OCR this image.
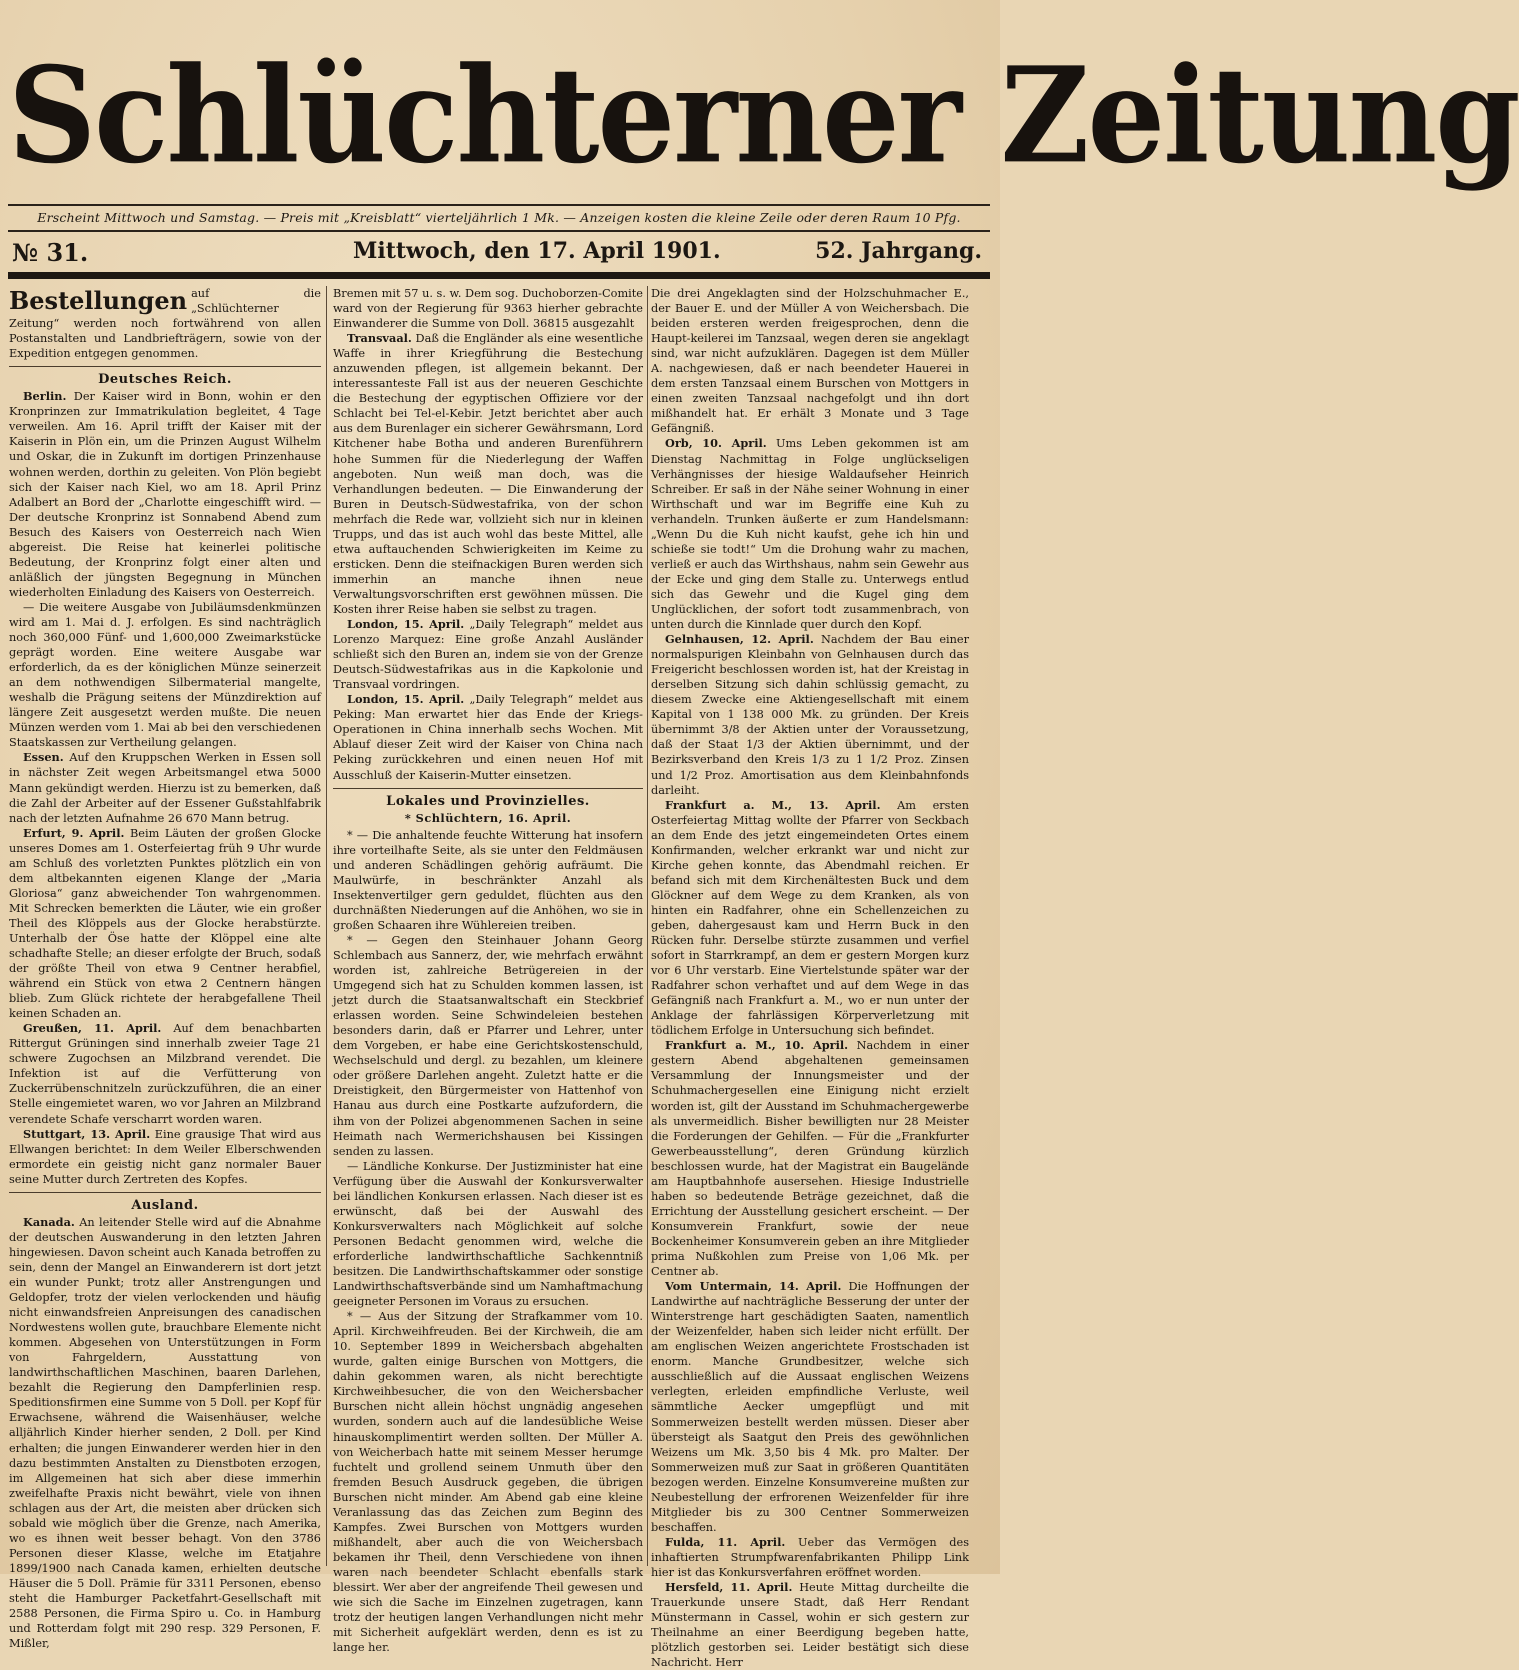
Schlüchterner Zeitung
Erscheint Mittwoch und Samstag. — Preis mit „Kreisblatt“ vierteljährlich 1 Mk. — Anzeigen kosten die kleine Zeile oder deren Raum 10 Pfg.
№ 31.	Mittwoch, den 17. April 1901.	52. Jahrgang.
Bestellungen auf die „Schlüchterner Zeitung“ werden noch fortwährend von allen Postanstalten und Landbriefträgern, sowie von der Expedition entgegen genommen.
Deutsches Reich.

Berlin. Der Kaiser wird in Bonn, wohin er den Kronprinzen zur Immatrikulation begleitet, 4 Tage verweilen. Am 16. April trifft der Kaiser mit der Kaiserin in Plön ein, um die Prinzen August Wilhelm und Oskar, die in Zukunft im dortigen Prinzenhause wohnen werden, dorthin zu geleiten. Von Plön begiebt sich der Kaiser nach Kiel, wo am 18. April Prinz Adalbert an Bord der „Charlotte eingeschifft wird. — Der deutsche Kronprinz ist Sonnabend Abend zum Besuch des Kaisers von Oesterreich nach Wien abgereist. Die Reise hat keinerlei politische Bedeutung, der Kronprinz folgt einer alten und anläßlich der jüngsten Begegnung in München wiederholten Einladung des Kaisers von Oesterreich.

— Die weitere Ausgabe von Jubiläumsdenkmünzen wird am 1. Mai d. J. erfolgen. Es sind nachträglich noch 360,000 Fünf- und 1,600,000 Zweimarkstücke geprägt worden. Eine weitere Ausgabe war erforderlich, da es der königlichen Münze seinerzeit an dem nothwendigen Silbermaterial mangelte, weshalb die Prägung seitens der Münzdirektion auf längere Zeit ausgesetzt werden mußte. Die neuen Münzen werden vom 1. Mai ab bei den verschiedenen Staatskassen zur Vertheilung gelangen.

Essen. Auf den Kruppschen Werken in Essen soll in nächster Zeit wegen Arbeitsmangel etwa 5000 Mann gekündigt werden. Hierzu ist zu bemerken, daß die Zahl der Arbeiter auf der Essener Gußstahlfabrik nach der letzten Aufnahme 26 670 Mann betrug.

Erfurt, 9. April. Beim Läuten der großen Glocke unseres Domes am 1. Osterfeiertag früh 9 Uhr wurde am Schluß des vorletzten Punktes plötzlich ein von dem altbekannten eigenen Klange der „Maria Gloriosa“ ganz abweichender Ton wahrgenommen. Mit Schrecken bemerkten die Läuter, wie ein großer Theil des Klöppels aus der Glocke herabstürzte. Unterhalb der Öse hatte der Klöppel eine alte schadhafte Stelle; an dieser erfolgte der Bruch, sodaß der größte Theil von etwa 9 Centner herabfiel, während ein Stück von etwa 2 Centnern hängen blieb. Zum Glück richtete der herabgefallene Theil keinen Schaden an.

Greußen, 11. April. Auf dem benachbarten Rittergut Grüningen sind innerhalb zweier Tage 21 schwere Zugochsen an Milzbrand verendet. Die Infektion ist auf die Verfütterung von Zuckerrübenschnitzeln zurückzuführen, die an einer Stelle eingemietet waren, wo vor Jahren an Milzbrand verendete Schafe verscharrt worden waren.

Stuttgart, 13. April. Eine grausige That wird aus Ellwangen berichtet: In dem Weiler Elberschwenden ermordete ein geistig nicht ganz normaler Bauer seine Mutter durch Zertreten des Kopfes.

Ausland.

Kanada. An leitender Stelle wird auf die Abnahme der deutschen Auswanderung in den letzten Jahren hingewiesen. Davon scheint auch Kanada betroffen zu sein, denn der Mangel an Einwanderern ist dort jetzt ein wunder Punkt; trotz aller Anstrengungen und Geldopfer, trotz der vielen verlockenden und häufig nicht einwandsfreien Anpreisungen des canadischen Nordwestens wollen gute, brauchbare Elemente nicht kommen. Abgesehen von Unterstützungen in Form von Fahrgeldern, Ausstattung von landwirthschaftlichen Maschinen, baaren Darlehen, bezahlt die Regierung den Dampferlinien resp. Speditionsfirmen eine Summe von 5 Doll. per Kopf für Erwachsene, während die Waisenhäuser, welche alljährlich Kinder hierher senden, 2 Doll. per Kind erhalten; die jungen Einwanderer werden hier in den dazu bestimmten Anstalten zu Dienstboten erzogen, im Allgemeinen hat sich aber diese immerhin zweifelhafte Praxis nicht bewährt, viele von ihnen schlagen aus der Art, die meisten aber drücken sich sobald wie möglich über die Grenze, nach Amerika, wo es ihnen weit besser behagt. Von den 3786 Personen dieser Klasse, welche im Etatjahre 1899/1900 nach Canada kamen, erhielten deutsche Häuser die 5 Doll. Prämie für 3311 Personen, ebenso steht die Hamburger Packetfahrt-Gesellschaft mit 2588 Personen, die Firma Spiro u. Co. in Hamburg und Rotterdam folgt mit 290 resp. 329 Personen, F. Mißler,

Bremen mit 57 u. s. w. Dem sog. Duchoborzen-Comite ward von der Regierung für 9363 hierher gebrachte Einwanderer die Summe von Doll. 36815 ausgezahlt

Transvaal. Daß die Engländer als eine wesentliche Waffe in ihrer Kriegführung die Bestechung anzuwenden pflegen, ist allgemein bekannt. Der interessanteste Fall ist aus der neueren Geschichte die Bestechung der egyptischen Offiziere vor der Schlacht bei Tel-el-Kebir. Jetzt berichtet aber auch aus dem Burenlager ein sicherer Gewährsmann, Lord Kitchener habe Botha und anderen Burenführern hohe Summen für die Niederlegung der Waffen angeboten. Nun weiß man doch, was die Verhandlungen bedeuten. — Die Einwanderung der Buren in Deutsch-Südwestafrika, von der schon mehrfach die Rede war, vollzieht sich nur in kleinen Trupps, und das ist auch wohl das beste Mittel, alle etwa auftauchenden Schwierigkeiten im Keime zu ersticken. Denn die steifnackigen Buren werden sich immerhin an manche ihnen neue Verwaltungsvorschriften erst gewöhnen müssen. Die Kosten ihrer Reise haben sie selbst zu tragen.

London, 15. April. „Daily Telegraph“ meldet aus Lorenzo Marquez: Eine große Anzahl Ausländer schließt sich den Buren an, indem sie von der Grenze Deutsch-Südwestafrikas aus in die Kapkolonie und Transvaal vordringen.

London, 15. April. „Daily Telegraph“ meldet aus Peking: Man erwartet hier das Ende der Kriegs-Operationen in China innerhalb sechs Wochen. Mit Ablauf dieser Zeit wird der Kaiser von China nach Peking zurückkehren und einen neuen Hof mit Ausschluß der Kaiserin-Mutter einsetzen.

Lokales und Provinzielles.
* Schlüchtern, 16. April.

* — Die anhaltende feuchte Witterung hat insofern ihre vorteilhafte Seite, als sie unter den Feldmäusen und anderen Schädlingen gehörig aufräumt. Die Maulwürfe, in beschränkter Anzahl als Insektenvertilger gern geduldet, flüchten aus den durchnäßten Niederungen auf die Anhöhen, wo sie in großen Schaaren ihre Wühlereien treiben.

* — Gegen den Steinhauer Johann Georg Schlembach aus Sannerz, der, wie mehrfach erwähnt worden ist, zahlreiche Betrügereien in der Umgegend sich hat zu Schulden kommen lassen, ist jetzt durch die Staatsanwaltschaft ein Steckbrief erlassen worden. Seine Schwindeleien bestehen besonders darin, daß er Pfarrer und Lehrer, unter dem Vorgeben, er habe eine Gerichtskostenschuld, Wechselschuld und dergl. zu bezahlen, um kleinere oder größere Darlehen angeht. Zuletzt hatte er die Dreistigkeit, den Bürgermeister von Hattenhof von Hanau aus durch eine Postkarte aufzufordern, die ihm von der Polizei abgenommenen Sachen in seine Heimath nach Wermerichshausen bei Kissingen senden zu lassen.

— Ländliche Konkurse. Der Justizminister hat eine Verfügung über die Auswahl der Konkursverwalter bei ländlichen Konkursen erlassen. Nach dieser ist es erwünscht, daß bei der Auswahl des Konkursverwalters nach Möglichkeit auf solche Personen Bedacht genommen wird, welche die erforderliche landwirthschaftliche Sachkenntniß besitzen. Die Landwirthschaftskammer oder sonstige Landwirthschaftsverbände sind um Namhaftmachung geeigneter Personen im Voraus zu ersuchen.

* — Aus der Sitzung der Strafkammer vom 10. April. Kirchweihfreuden. Bei der Kirchweih, die am 10. September 1899 in Weichersbach abgehalten wurde, galten einige Burschen von Mottgers, die dahin gekommen waren, als nicht berechtigte Kirchweihbesucher, die von den Weichersbacher Burschen nicht allein höchst ungnädig angesehen wurden, sondern auch auf die landesübliche Weise hinauskomplimentirt werden sollten. Der Müller A. von Weicherbach hatte mit seinem Messer herumge fuchtelt und grollend seinem Unmuth über den fremden Besuch Ausdruck gegeben, die übrigen Burschen nicht minder. Am Abend gab eine kleine Veranlassung das das Zeichen zum Beginn des Kampfes. Zwei Burschen von Mottgers wurden mißhandelt, aber auch die von Weichersbach bekamen ihr Theil, denn Verschiedene von ihnen waren nach beendeter Schlacht ebenfalls stark blessirt. Wer aber der angreifende Theil gewesen und wie sich die Sache im Einzelnen zugetragen, kann trotz der heutigen langen Verhandlungen nicht mehr mit Sicherheit aufgeklärt werden, denn es ist zu lange her.

Die drei Angeklagten sind der Holzschuhmacher E., der Bauer E. und der Müller A von Weichersbach. Die beiden ersteren werden freigesprochen, denn die Haupt-keilerei im Tanzsaal, wegen deren sie angeklagt sind, war nicht aufzuklären. Dagegen ist dem Müller A. nachgewiesen, daß er nach beendeter Hauerei in dem ersten Tanzsaal einem Burschen von Mottgers in einen zweiten Tanzsaal nachgefolgt und ihn dort mißhandelt hat. Er erhält 3 Monate und 3 Tage Gefängniß.

Orb, 10. April. Ums Leben gekommen ist am Dienstag Nachmittag in Folge unglückseligen Verhängnisses der hiesige Waldaufseher Heinrich Schreiber. Er saß in der Nähe seiner Wohnung in einer Wirthschaft und war im Begriffe eine Kuh zu verhandeln. Trunken äußerte er zum Handelsmann: „Wenn Du die Kuh nicht kaufst, gehe ich hin und schieße sie todt!“ Um die Drohung wahr zu machen, verließ er auch das Wirthshaus, nahm sein Gewehr aus der Ecke und ging dem Stalle zu. Unterwegs entlud sich das Gewehr und die Kugel ging dem Unglücklichen, der sofort todt zusammenbrach, von unten durch die Kinnlade quer durch den Kopf.

Gelnhausen, 12. April. Nachdem der Bau einer normalspurigen Kleinbahn von Gelnhausen durch das Freigericht beschlossen worden ist, hat der Kreistag in derselben Sitzung sich dahin schlüssig gemacht, zu diesem Zwecke eine Aktiengesellschaft mit einem Kapital von 1 138 000 Mk. zu gründen. Der Kreis übernimmt 3/8 der Aktien unter der Voraussetzung, daß der Staat 1/3 der Aktien übernimmt, und der Bezirksverband den Kreis 1/3 zu 1 1/2 Proz. Zinsen und 1/2 Proz. Amortisation aus dem Kleinbahnfonds darleiht.

Frankfurt a. M., 13. April. Am ersten Osterfeiertag Mittag wollte der Pfarrer von Seckbach an dem Ende des jetzt eingemeindeten Ortes einem Konfirmanden, welcher erkrankt war und nicht zur Kirche gehen konnte, das Abendmahl reichen. Er befand sich mit dem Kirchenältesten Buck und dem Glöckner auf dem Wege zu dem Kranken, als von hinten ein Radfahrer, ohne ein Schellenzeichen zu geben, dahergesaust kam und Herrn Buck in den Rücken fuhr. Derselbe stürzte zusammen und verfiel sofort in Starrkrampf, an dem er gestern Morgen kurz vor 6 Uhr verstarb. Eine Viertelstunde später war der Radfahrer schon verhaftet und auf dem Wege in das Gefängniß nach Frankfurt a. M., wo er nun unter der Anklage der fahrlässigen Körperverletzung mit tödlichem Erfolge in Untersuchung sich befindet.

Frankfurt a. M., 10. April. Nachdem in einer gestern Abend abgehaltenen gemeinsamen Versammlung der Innungsmeister und der Schuhmachergesellen eine Einigung nicht erzielt worden ist, gilt der Ausstand im Schuhmachergewerbe als unvermeidlich. Bisher bewilligten nur 28 Meister die Forderungen der Gehilfen. — Für die „Frankfurter Gewerbeausstellung“, deren Gründung kürzlich beschlossen wurde, hat der Magistrat ein Baugelände am Hauptbahnhofe ausersehen. Hiesige Industrielle haben so bedeutende Beträge gezeichnet, daß die Errichtung der Ausstellung gesichert erscheint. — Der Konsumverein Frankfurt, sowie der neue Bockenheimer Konsumverein geben an ihre Mitglieder prima Nußkohlen zum Preise von 1,06 Mk. per Centner ab.

Vom Untermain, 14. April. Die Hoffnungen der Landwirthe auf nachträgliche Besserung der unter der Winterstrenge hart geschädigten Saaten, namentlich der Weizenfelder, haben sich leider nicht erfüllt. Der am englischen Weizen angerichtete Frostschaden ist enorm. Manche Grundbesitzer, welche sich ausschließlich auf die Aussaat englischen Weizens verlegten, erleiden empfindliche Verluste, weil sämmtliche Aecker umgepflügt und mit Sommerweizen bestellt werden müssen. Dieser aber übersteigt als Saatgut den Preis des gewöhnlichen Weizens um Mk. 3,50 bis 4 Mk. pro Malter. Der Sommerweizen muß zur Saat in größeren Quantitäten bezogen werden. Einzelne Konsumvereine mußten zur Neubestellung der erfrorenen Weizenfelder für ihre Mitglieder bis zu 300 Centner Sommerweizen beschaffen.

Fulda, 11. April. Ueber das Vermögen des inhaftierten Strumpfwarenfabrikanten Philipp Link hier ist das Konkursverfahren eröffnet worden.

Hersfeld, 11. April. Heute Mittag durcheilte die Trauerkunde unsere Stadt, daß Herr Rendant Münstermann in Cassel, wohin er sich gestern zur Theilnahme an einer Beerdigung begeben hatte, plötzlich gestorben sei. Leider bestätigt sich diese Nachricht. Herr
